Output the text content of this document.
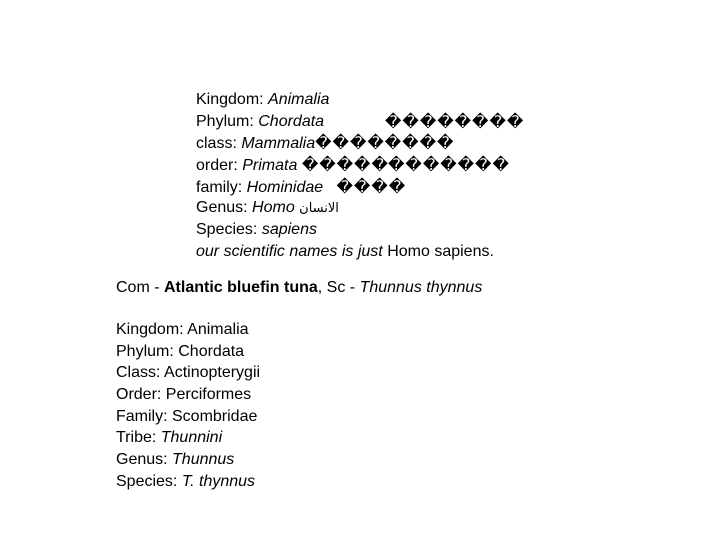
Kingdom: Animalia
Phylum: Chordata	��������
class: Mammalia��������
order: Primata ����� �������
family: Hominidae ����
Genus: Homo الانسان
Species: sapiens
our scientific names is just Homo sapiens.
Com - Atlantic bluefin tuna, Sc - Thunnus thynnus
Kingdom: Animalia
Phylum: Chordata
Class: Actinopterygii
Order: Perciformes
Family: Scombridae
Tribe: Thunnini
Genus: Thunnus
Species: T. thynnus
